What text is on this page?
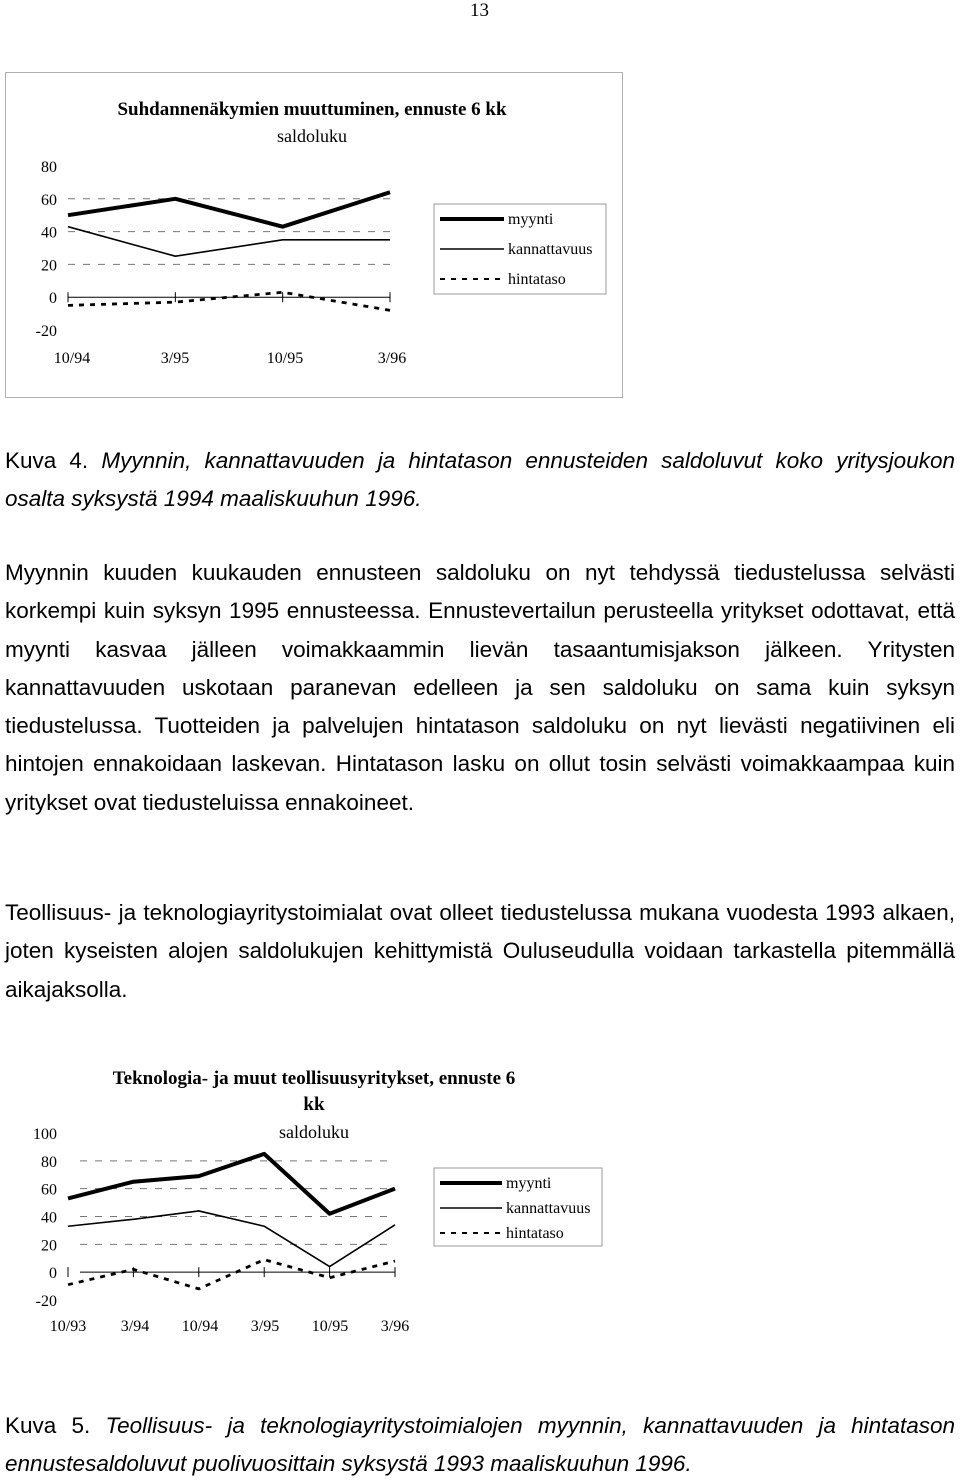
13
Suhdannenäkymien muuttuminen, ennuste 6 kk
saldoluku
80
60
40
20
0
-20
10/94	3/95	10/95	3/96
myynti
kannattavuus
hintataso
Kuva 4. Myynnin, kannattavuuden ja hintatason ennusteiden saldoluvut koko yritysjoukon osalta syksystä 1994 maaliskuuhun 1996.
Myynnin kuuden kuukauden ennusteen saldoluku on nyt tehdyssä tiedustelussa selvästi korkempi kuin syksyn 1995 ennusteessa. Ennustevertailun perusteella yritykset odottavat, että myynti kasvaa jälleen voimakkaammin lievän tasaantumisjakson jälkeen. Yritysten kannattavuuden uskotaan paranevan edelleen ja sen saldoluku on sama kuin syksyn tiedustelussa. Tuotteiden ja palvelujen hintatason saldoluku on nyt lievästi negatiivinen eli hintojen ennakoidaan laskevan. Hintatason lasku on ollut tosin selvästi voimakkaampaa kuin yritykset ovat tiedusteluissa ennakoineet.
Teollisuus- ja teknologiayritystoimialat ovat olleet tiedustelussa mukana vuodesta 1993 alkaen, joten kyseisten alojen saldolukujen kehittymistä Ouluseudulla voidaan tarkastella pitemmällä aikajaksolla.
Teknologia- ja muut teollisuusyritykset, ennuste 6
kk
saldoluku
100
80
60
40
20
0
-20
10/93 3/94 10/94 3/95 10/95 3/96
myynti
kannattavuus
hintataso
Kuva 5. Teollisuus- ja teknologiayritystoimialojen myynnin, kannattavuuden ja hintatason ennustesaldoluvut puolivuosittain syksystä 1993 maaliskuuhun 1996.
